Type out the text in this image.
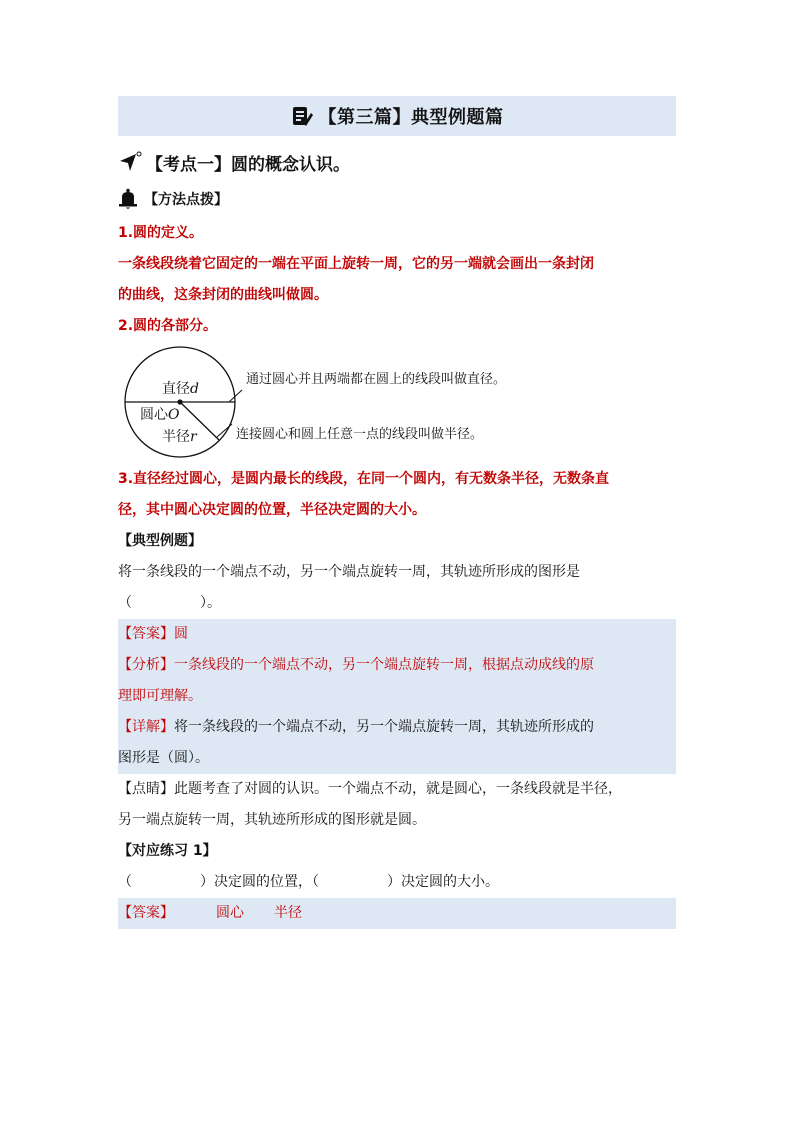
【第三篇】典型例题篇
【考点一】圆的概念认识。
【方法点拨】
1.圆的定义。
一条线段绕着它固定的一端在平面上旋转一周，它的另一端就会画出一条封闭
的曲线，这条封闭的曲线叫做圆。
2.圆的各部分。
直径d
圆心O
半径r
通过圆心并且两端都在圆上的线段叫做直径。
连接圆心和圆上任意一点的线段叫做半径。
3.直径经过圆心，是圆内最长的线段，在同一个圆内，有无数条半径，无数条直
径，其中圆心决定圆的位置，半径决定圆的大小。
【典型例题】
将一条线段的一个端点不动，另一个端点旋转一周，其轨迹所形成的图形是
（	）。
【答案】圆
【分析】一条线段的一个端点不动，另一个端点旋转一周，根据点动成线的原
理即可理解。
【详解】将一条线段的一个端点不动，另一个端点旋转一周，其轨迹所形成的
图形是（圆）。
【点睛】此题考查了对圆的认识。一个端点不动，就是圆心，一条线段就是半径，
另一端点旋转一周，其轨迹所形成的图形就是圆。
【对应练习 1】
（	）决定圆的位置，（	）决定圆的大小。
【答案】	圆心 半径
